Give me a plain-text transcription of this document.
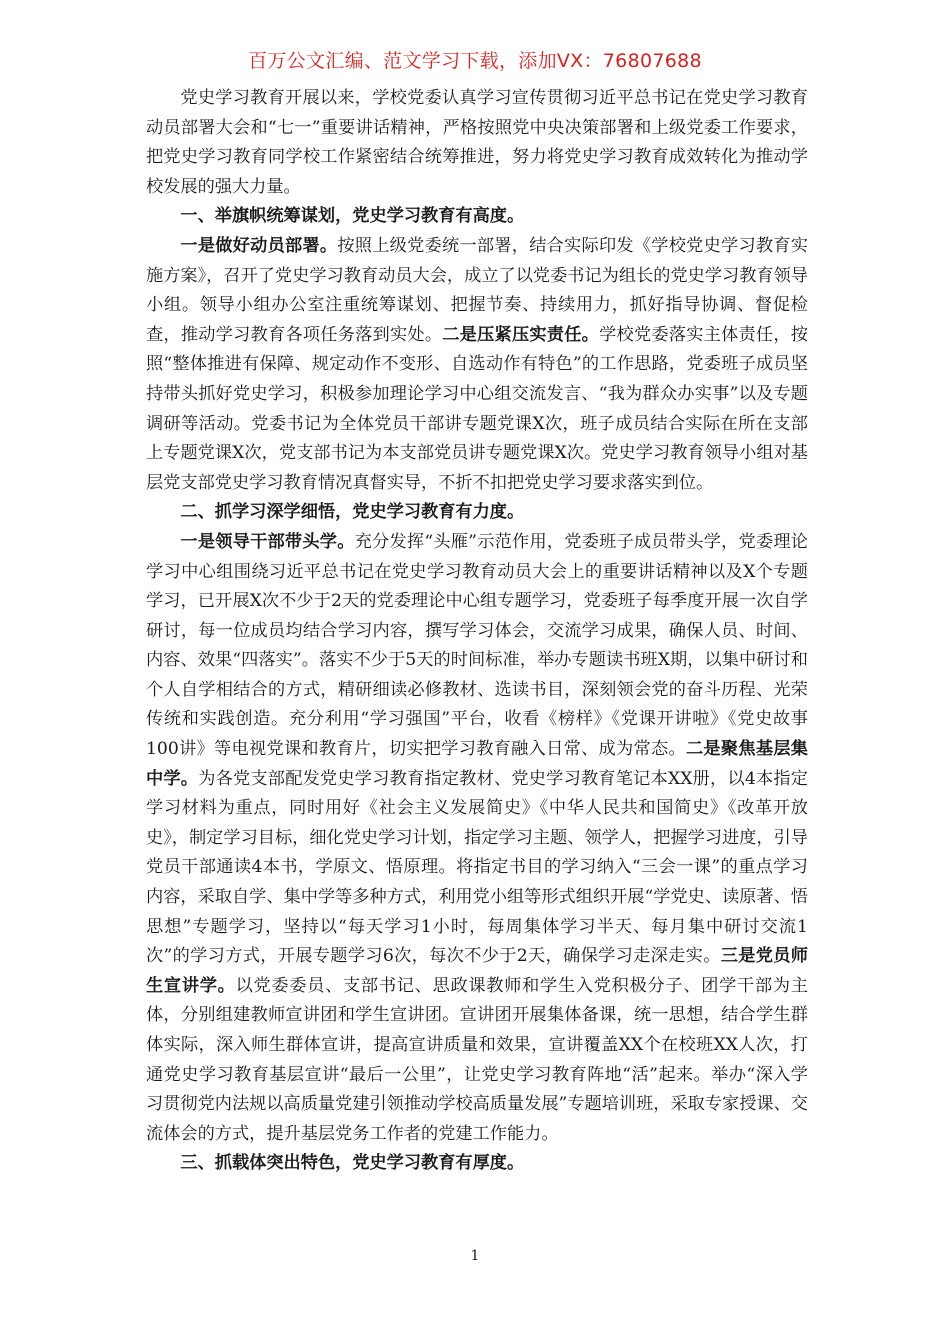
百万公文汇编、范文学习下载，添加VX：76807688

党史学习教育开展以来，学校党委认真学习宣传贯彻习近平总书记在党史学习教育动员部署大会和“七一”重要讲话精神，严格按照党中央决策部署和上级党委工作要求，把党史学习教育同学校工作紧密结合统筹推进，努力将党史学习教育成效转化为推动学校发展的强大力量。

一、举旗帜统筹谋划，党史学习教育有高度。

一是做好动员部署。按照上级党委统一部署，结合实际印发《学校党史学习教育实施方案》，召开了党史学习教育动员大会，成立了以党委书记为组长的党史学习教育领导小组。领导小组办公室注重统筹谋划、把握节奏、持续用力，抓好指导协调、督促检查，推动学习教育各项任务落到实处。二是压紧压实责任。学校党委落实主体责任，按照“整体推进有保障、规定动作不变形、自选动作有特色”的工作思路，党委班子成员坚持带头抓好党史学习，积极参加理论学习中心组交流发言、“我为群众办实事”以及专题调研等活动。党委书记为全体党员干部讲专题党课X次，班子成员结合实际在所在支部上专题党课X次，党支部书记为本支部党员讲专题党课X次。党史学习教育领导小组对基层党支部党史学习教育情况真督实导，不折不扣把党史学习要求落实到位。

二、抓学习深学细悟，党史学习教育有力度。

一是领导干部带头学。充分发挥“头雁”示范作用，党委班子成员带头学，党委理论学习中心组围绕习近平总书记在党史学习教育动员大会上的重要讲话精神以及X个专题学习，已开展X次不少于2天的党委理论中心组专题学习，党委班子每季度开展一次自学研讨，每一位成员均结合学习内容，撰写学习体会，交流学习成果，确保人员、时间、内容、效果“四落实”。落实不少于5天的时间标准，举办专题读书班X期，以集中研讨和个人自学相结合的方式，精研细读必修教材、选读书目，深刻领会党的奋斗历程、光荣传统和实践创造。充分利用“学习强国”平台，收看《榜样》《党课开讲啦》《党史故事100讲》等电视党课和教育片，切实把学习教育融入日常、成为常态。二是聚焦基层集中学。为各党支部配发党史学习教育指定教材、党史学习教育笔记本XX册，以4本指定学习材料为重点，同时用好《社会主义发展简史》《中华人民共和国简史》《改革开放史》，制定学习目标，细化党史学习计划，指定学习主题、领学人，把握学习进度，引导党员干部通读4本书，学原文、悟原理。将指定书目的学习纳入“三会一课”的重点学习内容，采取自学、集中学等多种方式，利用党小组等形式组织开展“学党史、读原著、悟思想”专题学习，坚持以“每天学习1小时，每周集体学习半天、每月集中研讨交流1次”的学习方式，开展专题学习6次，每次不少于2天，确保学习走深走实。三是党员师生宣讲学。以党委委员、支部书记、思政课教师和学生入党积极分子、团学干部为主体，分别组建教师宣讲团和学生宣讲团。宣讲团开展集体备课，统一思想，结合学生群体实际，深入师生群体宣讲，提高宣讲质量和效果，宣讲覆盖XX个在校班XX人次，打通党史学习教育基层宣讲“最后一公里”，让党史学习教育阵地“活”起来。举办“深入学习贯彻党内法规以高质量党建引领推动学校高质量发展”专题培训班，采取专家授课、交流体会的方式，提升基层党务工作者的党建工作能力。

三、抓载体突出特色，党史学习教育有厚度。

1
